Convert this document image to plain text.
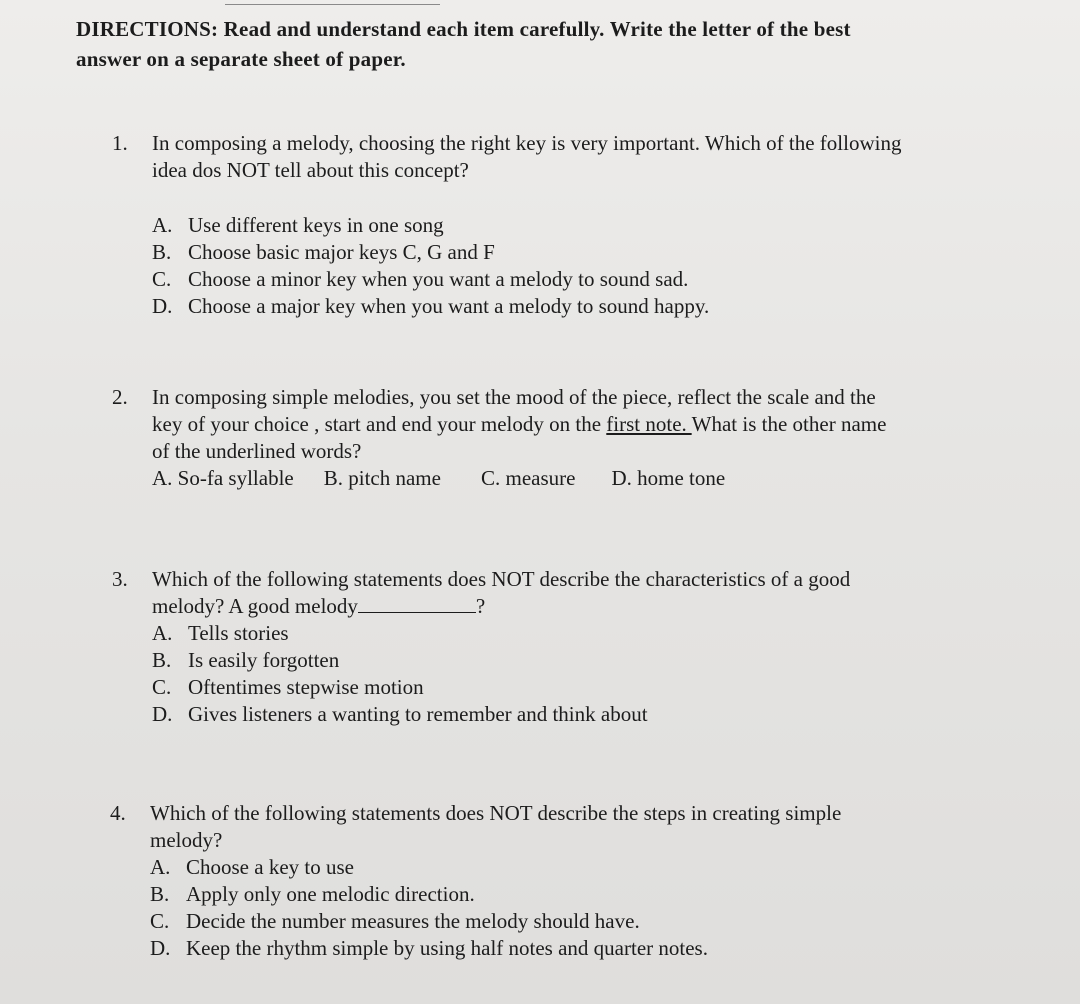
DIRECTIONS: Read and understand each item carefully. Write the letter of the best
answer on a separate sheet of paper.
1.	In composing a melody, choosing the right key is very important. Which of the following
idea dos NOT tell about this concept?
A. Use different keys in one song
B. Choose basic major keys C, G and F
C. Choose a minor key when you want a melody to sound sad.
D. Choose a major key when you want a melody to sound happy.
2.	In composing simple melodies, you set the mood of the piece, reflect the scale and the
key of your choice , start and end your melody on the first note. What is the other name
of the underlined words?
A. So-fa syllable B. pitch name C. measure D. home tone
3.	Which of the following statements does NOT describe the characteristics of a good
melody? A good melody	?
A. Tells stories
B. Is easily forgotten
C. Oftentimes stepwise motion
D. Gives listeners a wanting to remember and think about
4.	Which of the following statements does NOT describe the steps in creating simple
melody?
A. Choose a key to use
B. Apply only one melodic direction.
C. Decide the number measures the melody should have.
D. Keep the rhythm simple by using half notes and quarter notes.
